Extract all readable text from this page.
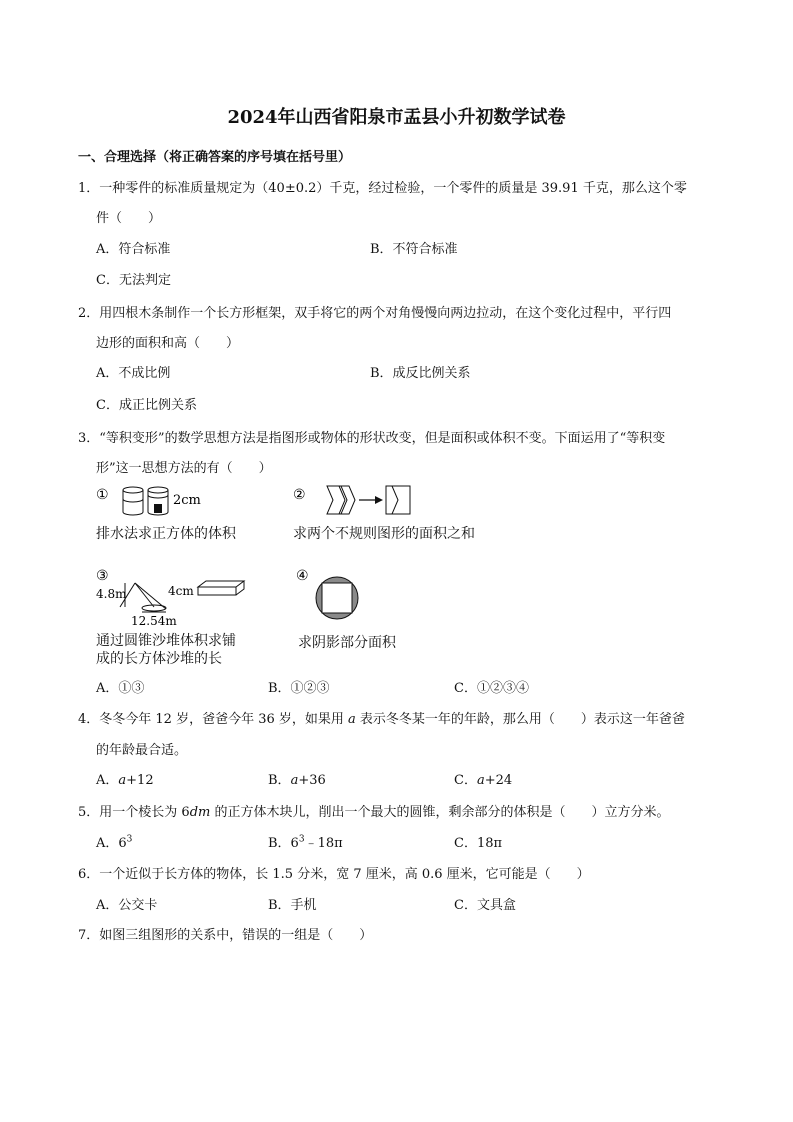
2024年山西省阳泉市盂县小升初数学试卷
一、合理选择（将正确答案的序号填在括号里）
1．一种零件的标准质量规定为（40±0.2）千克，经过检验，一个零件的质量是 39.91 千克，那么这个零
件（　　）
A．符合标准	B．不符合标准
C．无法判定
2．用四根木条制作一个长方形框架，双手将它的两个对角慢慢向两边拉动，在这个变化过程中，平行四
边形的面积和高（　　）
A．不成比例	B．成反比例关系
C．成正比例关系
3．“等积变形”的数学思想方法是指图形或物体的形状改变，但是面积或体积不变。下面运用了“等积变
形”这一思想方法的有（　　）
①	2cm
排水法求正方体的体积
②
求两个不规则图形的面积之和
③
4.8m
12.54m
4cm
通过圆锥沙堆体积求铺
成的长方体沙堆的长
④
求阴影部分面积
A．①③	B．①②③	C．①②③④
4．冬冬今年 12 岁，爸爸今年 36 岁，如果用 a 表示冬冬某一年的年龄，那么用（　　）表示这一年爸爸
的年龄最合适。
A．a+12	B．a+36	C．a+24
5．用一个棱长为 6dm 的正方体木块儿，削出一个最大的圆锥，剩余部分的体积是（　　）立方分米。
A．$6^3$	B．$6^3﹣18\pi$	C．18π
6．一个近似于长方体的物体，长 1.5 分米，宽 7 厘米，高 0.6 厘米，它可能是（　　）
A．公交卡	B．手机	C．文具盒
7．如图三组图形的关系中，错误的一组是（　　）
